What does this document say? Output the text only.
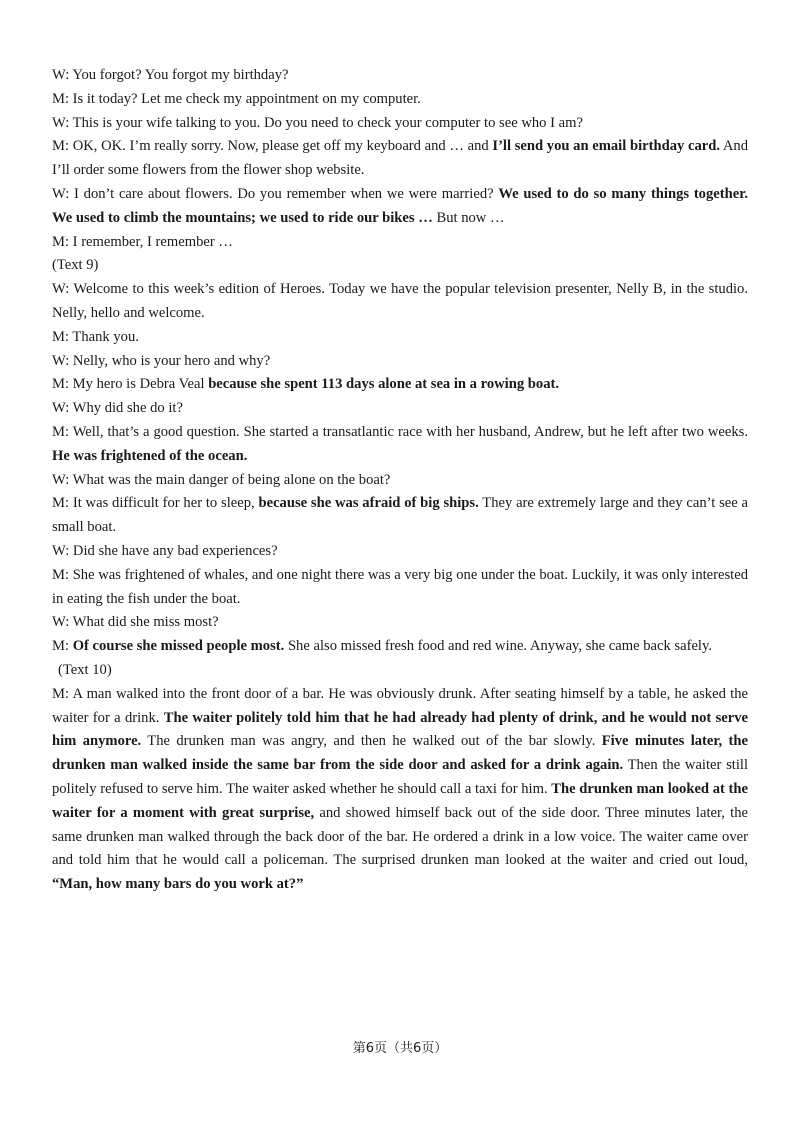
W: You forgot? You forgot my birthday?

M: Is it today? Let me check my appointment on my computer.

W: This is your wife talking to you. Do you need to check your computer to see who I am?

M: OK, OK. I’m really sorry. Now, please get off my keyboard and … and I’ll send you an email birthday card. And I’ll order some flowers from the flower shop website.

W: I don’t care about flowers. Do you remember when we were married? We used to do so many things together. We used to climb the mountains; we used to ride our bikes … But now …

M: I remember, I remember …

(Text 9)

W: Welcome to this week’s edition of Heroes. Today we have the popular television presenter, Nelly B, in the studio. Nelly, hello and welcome.

M: Thank you.

W: Nelly, who is your hero and why?

M: My hero is Debra Veal because she spent 113 days alone at sea in a rowing boat.

W: Why did she do it?

M: Well, that’s a good question. She started a transatlantic race with her husband, Andrew, but he left after two weeks. He was frightened of the ocean.

W: What was the main danger of being alone on the boat?

M: It was difficult for her to sleep, because she was afraid of big ships. They are extremely large and they can’t see a small boat.

W: Did she have any bad experiences?

M: She was frightened of whales, and one night there was a very big one under the boat. Luckily, it was only interested in eating the fish under the boat.

W: What did she miss most?

M: Of course she missed people most. She also missed fresh food and red wine. Anyway, she came back safely.

(Text 10)

M: A man walked into the front door of a bar. He was obviously drunk. After seating himself by a table, he asked the waiter for a drink. The waiter politely told him that he had already had plenty of drink, and he would not serve him anymore. The drunken man was angry, and then he walked out of the bar slowly. Five minutes later, the drunken man walked inside the same bar from the side door and asked for a drink again. Then the waiter still politely refused to serve him. The waiter asked whether he should call a taxi for him. The drunken man looked at the waiter for a moment with great surprise, and showed himself back out of the side door. Three minutes later, the same drunken man walked through the back door of the bar. He ordered a drink in a low voice. The waiter came over and told him that he would call a policeman. The surprised drunken man looked at the waiter and cried out loud, “Man, how many bars do you work at?”

第6页（共6页）
